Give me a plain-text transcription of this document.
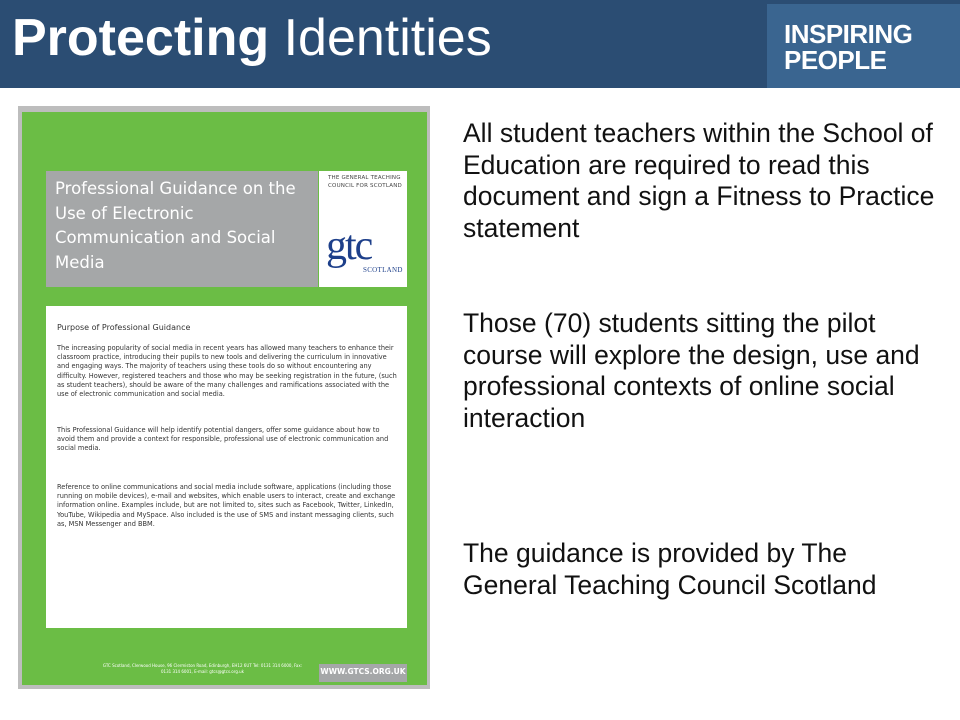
Protecting Identities	INSPIRING
PEOPLE
Professional Guidance on the Use of Electronic Communication and Social Media
THE GENERAL TEACHING COUNCIL FOR SCOTLAND
gtc
SCOTLAND
Purpose of Professional Guidance
The increasing popularity of social media in recent years has allowed many teachers to enhance their classroom practice, introducing their pupils to new tools and delivering the curriculum in innovative and engaging ways. The majority of teachers using these tools do so without encountering any difficulty. However, registered teachers and those who may be seeking registration in the future, (such as student teachers), should be aware of the many challenges and ramifications associated with the use of electronic communication and social media.
This Professional Guidance will help identify potential dangers, offer some guidance about how to avoid them and provide a context for responsible, professional use of electronic communication and social media.
Reference to online communications and social media include software, applications (including those running on mobile devices), e-mail and websites, which enable users to interact, create and exchange information online. Examples include, but are not limited to, sites such as Facebook, Twitter, LinkedIn, YouTube, Wikipedia and MySpace. Also included is the use of SMS and instant messaging clients, such as, MSN Messenger and BBM.
GTC Scotland, Clerwood House, 96 Clermiston Road, Edinburgh, EH12 6UT Tel: 0131 314 6000, Fax: 0131 314 6001, E-mail: gtcs@gtcs.org.uk	WWW.GTCS.ORG.UK
All student teachers within the School of Education are required to read this document and sign a Fitness to Practice statement
Those (70) students sitting the pilot course will explore the design, use and professional contexts of online social interaction
The guidance is provided by The General Teaching Council Scotland
